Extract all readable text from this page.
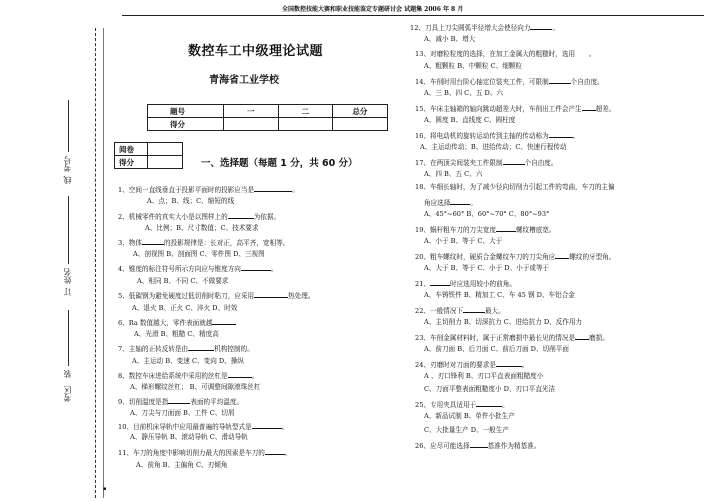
全国数控技能大赛和职业技能鉴定专题研讨会 试题集 2006 年 8 月
考号
线
姓名
订
装
考区
▪
数控车工中级理论试题
青海省工业学校
题号	一	二	总分
得分			
阅卷	
得分		一、选择题（每题 1 分，共 60 分）
1、空间一直线垂直于投影平面时的投影应当是	。
A、点；B、线；C、缩短的线
2、机械零件的真实大小是以图样上的	为依据。
A、比例；B、尺寸数值；C、技术要求
3、物体	的投影规律是：长对正，高平齐，宽相等。
A、剖视图 B、剖面图 C、零件图 D、三视图
4、锥度的标注符号所示方向应与锥度方向	。
A、相同 B、不同 C、不做要求
5、低碳钢为避免硬度过低切削时粘刀，应采用	热处理。
A、退火 B、正火 C、淬火 D、时效
6、Ra 数值越大，零件表面就越
A、光滑 B、粗糙 C、精度高
7、主轴的正转反转是由	机构控制的。
A、主运动 B、变速 C、变向 D、操纵
8、数控车床进给系统中采用的丝杠是	。
A、梯形螺纹丝杠； B、可调整间隙滚珠丝杠
9、切削温度是指	表面的平均温度。
A、刀尖与刀面面 B、工件 C、切屑
10、目前机床导轨中应用最普遍的导轨型式是	。
A、静压导轨 B、滚动导轨 C、滑动导轨
11、车刀的角度中影响切削力最大的因素是车刀的	。
A、前角 B、主偏角 C、刃倾角
12、刀具上刀尖圆弧半径增大会使径向力	。
A、减小 B、增大
13、对磨粒粒度的选择，在加工金属大的粗糙时，选用 。
A、粗颗粒 B、中颗粒 C、细颗粒
14、车削时用台阶心轴定位装夹工件，可限制	个自由度。
A、三 B、四 C、五 D、六
15、车床主轴箱的轴向跳动超差大时，车削出工件会产生 超差。
A、圆度 B、直线度 C、圆柱度
16、将电动机的旋转运动传到主轴的传动称为	。
A、主运动传动；B、进给传动；C、快速行程传动
17、在两顶尖间装夹工件限制	个自由度。
A、四 B、五 C、六
18、车细长轴时，为了减少径向切削力引起工件的弯曲，车刀的主偏
角应选择	。
A、45°~60° B、60°~70° C、80°~93°
19、蜗杆粗车刀的刀尖宽度	螺纹槽底宽。
A、小于 B、等于 C、大于
20、粗车螺纹时，硬质合金螺纹车刀的刀尖角应 螺纹的牙型角。
A、大于 B、等于 C、小于 D、小于或等于
21、	时应选用较小的前角。
A、车铸铁件 B、精加工 C、车 45 钢 D、车铝合金
22、一般情况下	最大。
A、主切削力 B、切深抗力 C、进给抗力 D、反作用力
23、车削金属材料时，属于正常磨损中最长见的情况是 磨损。
A、前刀面 B、后刀面 C、前后刀面 D、切削平面
24、刃磨时对刀面的要求是	。
A 、刃口锋利 B、刃口平直表面粗糙度小
C、刀面平整表面粗糙度小 D、刃口平直光洁
25、专用夹具适用于	。
A、新品试制 B、单件小批生产
C、大批量生产 D、一般生产
26、应尽可能选择	基准作为精基准。
